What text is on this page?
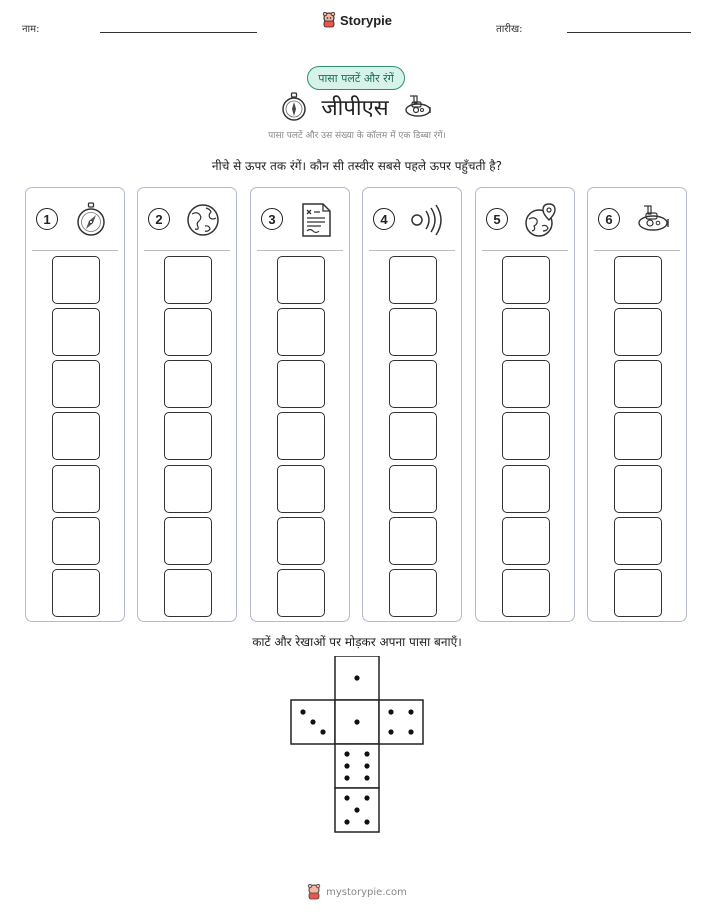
नाम:
Storypie
तारीख:
पासा पलटें और रंगें
जीपीएस
पासा पलटें और उस संख्या के कॉलम में एक डिब्बा रंगें।
नीचे से ऊपर तक रंगें। कौन सी तस्वीर सबसे पहले ऊपर पहुँचती है?
1	2	3	4	5	6
काटें और रेखाओं पर मोड़कर अपना पासा बनाएँ।
mystorypie.com
